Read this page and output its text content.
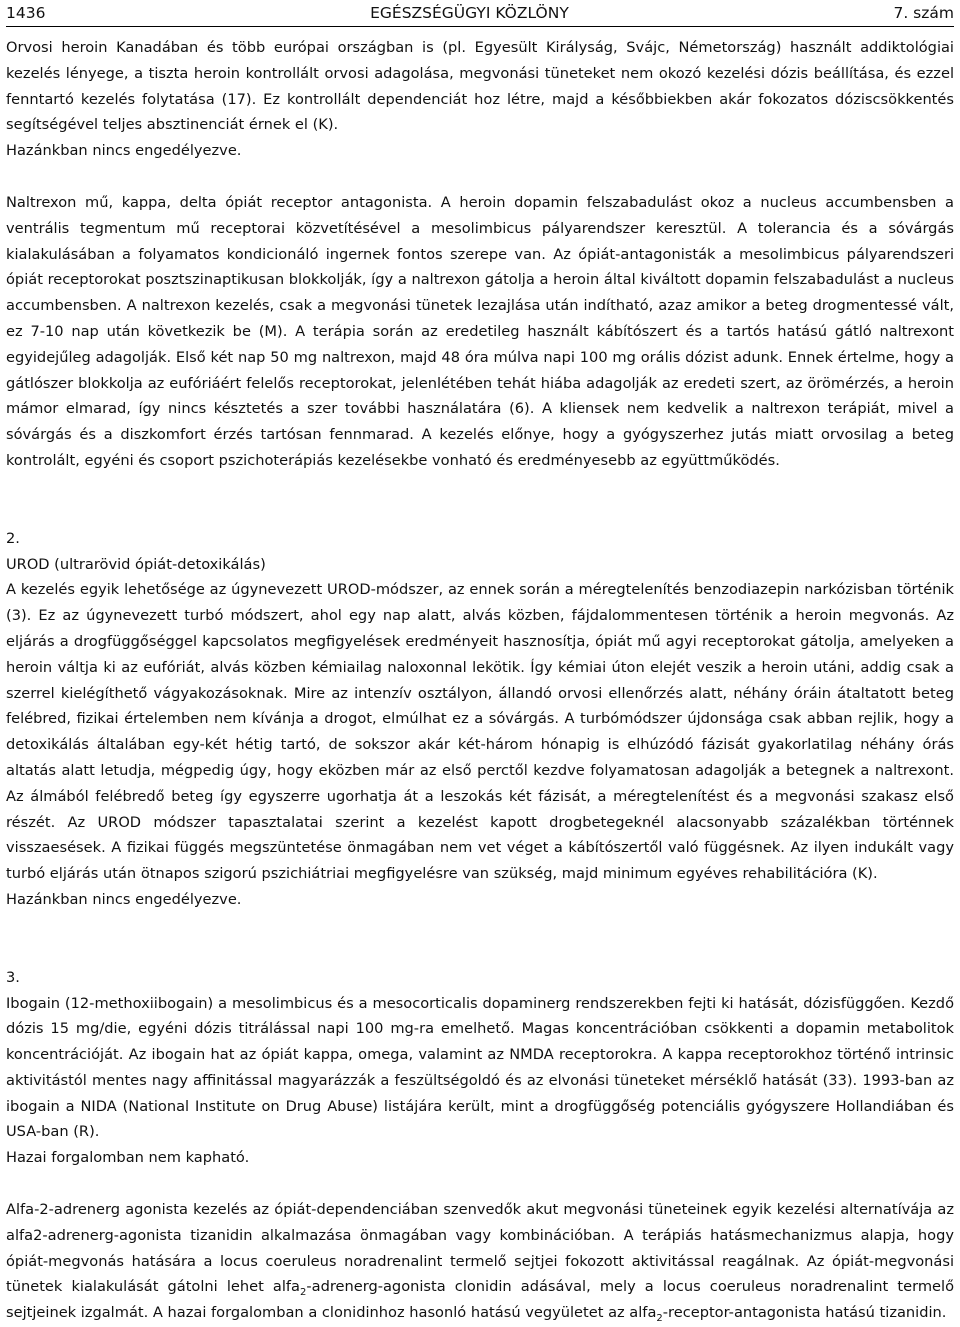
1436	EGÉSZSÉGÜGYI KÖZLÖNY	7. szám

Orvosi heroin Kanadában és több európai országban is (pl. Egyesült Királyság, Svájc, Németország) használt addiktológiai kezelés lényege, a tiszta heroin kontrollált orvosi adagolása, megvonási tüneteket nem okozó kezelési dózis beállítása, és ezzel fenntartó kezelés folytatása (17). Ez kontrollált dependenciát hoz létre, majd a későbbiekben akár fokozatos dóziscsökkentés segítségével teljes absztinenciát érnek el (K).

Hazánkban nincs engedélyezve.

Naltrexon mű, kappa, delta ópiát receptor antagonista. A heroin dopamin felszabadulást okoz a nucleus accumbensben a ventrális tegmentum mű receptorai közvetítésével a mesolimbicus pályarendszer keresztül. A tolerancia és a sóvárgás kialakulásában a folyamatos kondicionáló ingernek fontos szerepe van. Az ópiát-antagonisták a mesolimbicus pályarendszeri ópiát receptorokat posztszinaptikusan blokkolják, így a naltrexon gátolja a heroin által kiváltott dopamin felszabadulást a nucleus accumbensben. A naltrexon kezelés, csak a megvonási tünetek lezajlása után indítható, azaz amikor a beteg drogmentessé vált, ez 7-10 nap után következik be (M). A terápia során az eredetileg használt kábítószert és a tartós hatású gátló naltrexont egyidejűleg adagolják. Első két nap 50 mg naltrexon, majd 48 óra múlva napi 100 mg orális dózist adunk. Ennek értelme, hogy a gátlószer blokkolja az eufóriáért felelős receptorokat, jelenlétében tehát hiába adagolják az eredeti szert, az örömérzés, a heroin mámor elmarad, így nincs késztetés a szer további használatára (6). A kliensek nem kedvelik a naltrexon terápiát, mivel a sóvárgás és a diszkomfort érzés tartósan fennmarad. A kezelés előnye, hogy a gyógyszerhez jutás miatt orvosilag a beteg kontrolált, egyéni és csoport pszichoterápiás kezelésekbe vonható és eredményesebb az együttműködés.

2.

UROD (ultrarövid ópiát-detoxikálás)

A kezelés egyik lehetősége az úgynevezett UROD-módszer, az ennek során a méregtelenítés benzodiazepin narkózisban történik (3). Ez az úgynevezett turbó módszert, ahol egy nap alatt, alvás közben, fájdalommentesen történik a heroin megvonás. Az eljárás a drogfüggőséggel kapcsolatos megfigyelések eredményeit hasznosítja, ópiát mű agyi receptorokat gátolja, amelyeken a heroin váltja ki az eufóriát, alvás közben kémiailag naloxonnal lekötik. Így kémiai úton elejét veszik a heroin utáni, addig csak a szerrel kielégíthető vágyakozásoknak. Mire az intenzív osztályon, állandó orvosi ellenőrzés alatt, néhány óráin átaltatott beteg felébred, fizikai értelemben nem kívánja a drogot, elmúlhat ez a sóvárgás. A turbómódszer újdonsága csak abban rejlik, hogy a detoxikálás általában egy-két hétig tartó, de sokszor akár két-három hónapig is elhúzódó fázisát gyakorlatilag néhány órás altatás alatt letudja, mégpedig úgy, hogy eközben már az első perctől kezdve folyamatosan adagolják a betegnek a naltrexont. Az álmából felébredő beteg így egyszerre ugorhatja át a leszokás két fázisát, a méregtelenítést és a megvonási szakasz első részét. Az UROD módszer tapasztalatai szerint a kezelést kapott drogbetegeknél alacsonyabb százalékban történnek visszaesések. A fizikai függés megszüntetése önmagában nem vet véget a kábítószertől való függésnek. Az ilyen indukált vagy turbó eljárás után ötnapos szigorú pszichiátriai megfigyelésre van szükség, majd minimum egyéves rehabilitációra (K).

Hazánkban nincs engedélyezve.

3.

Ibogain (12-methoxiibogain) a mesolimbicus és a mesocorticalis dopaminerg rendszerekben fejti ki hatását, dózisfüggően. Kezdő dózis 15 mg/die, egyéni dózis titrálással napi 100 mg-ra emelhető. Magas koncentrációban csökkenti a dopamin metabolitok koncentrációját. Az ibogain hat az ópiát kappa, omega, valamint az NMDA receptorokra. A kappa receptorokhoz történő intrinsic aktivitástól mentes nagy affinitással magyarázzák a feszültségoldó és az elvonási tüneteket mérséklő hatását (33). 1993-ban az ibogain a NIDA (National Institute on Drug Abuse) listájára került, mint a drogfüggőség potenciális gyógyszere Hollandiában és USA-ban (R).

Hazai forgalomban nem kapható.

Alfa-2-adrenerg agonista kezelés az ópiát-dependenciában szenvedők akut megvonási tüneteinek egyik kezelési alternatívája az alfa2-adrenerg-agonista tizanidin alkalmazása önmagában vagy kombinációban. A terápiás hatásmechanizmus alapja, hogy ópiát-megvonás hatására a locus coeruleus noradrenalint termelő sejtjei fokozott aktivitással reagálnak. Az ópiát-megvonási tünetek kialakulását gátolni lehet alfa$_2$-adrenerg-agonista clonidin adásával, mely a locus coeruleus noradrenalint termelő sejtjeinek izgalmát. A hazai forgalomban a clonidinhoz hasonló hatású vegyületet az alfa$_2$-receptor-antagonista hatású tizanidin.
